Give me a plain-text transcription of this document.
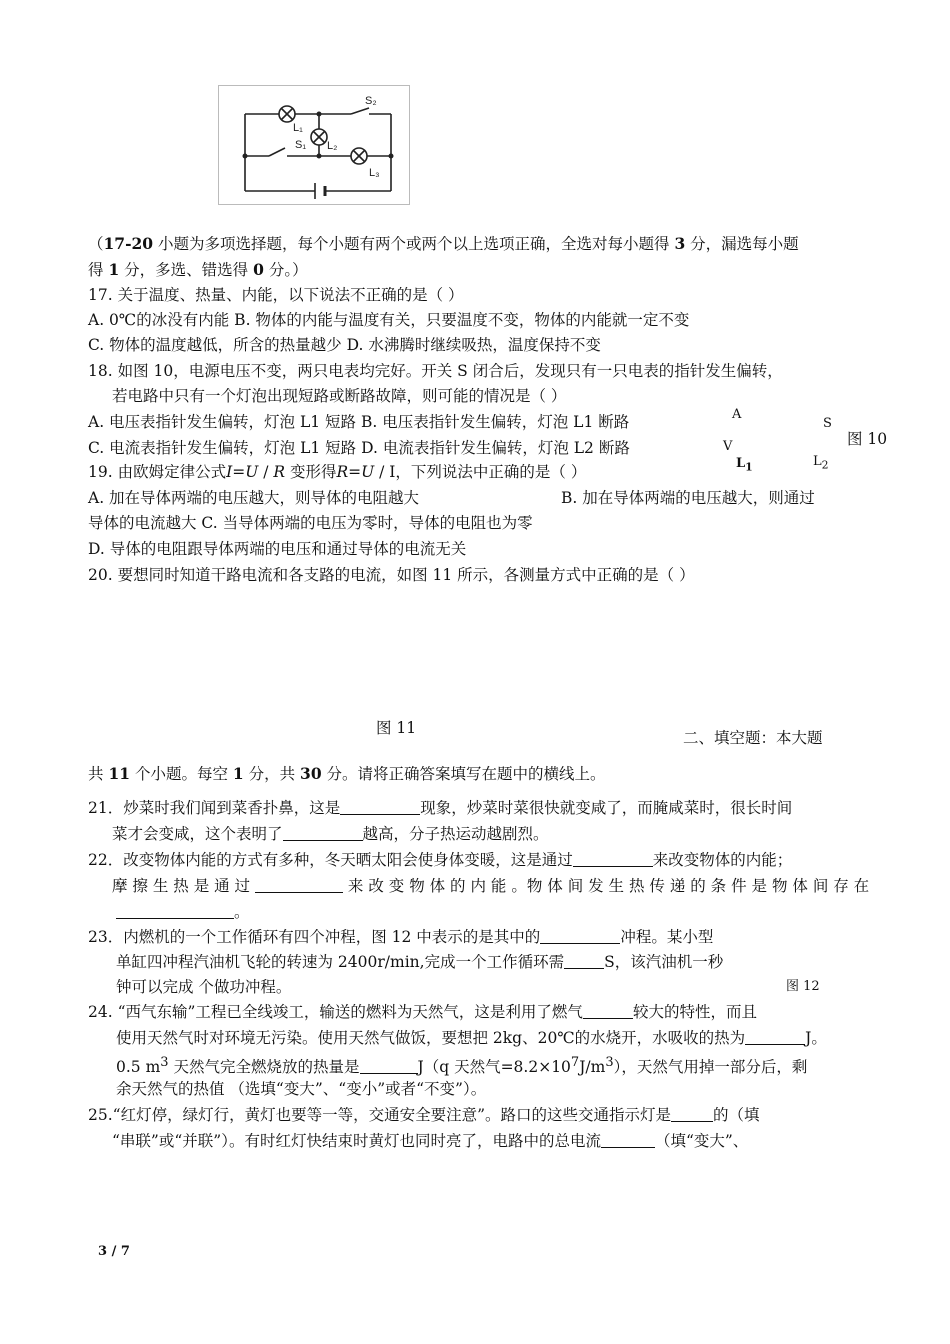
S₂
L₁
L₂
S₁
L₃
（17-20 小题为多项选择题，每个小题有两个或两个以上选项正确，全选对每小题得 3 分，漏选每小题
得 1 分，多选、错选得 0 分。）
17. 关于温度、热量、内能，以下说法不正确的是（ ）
A. 0℃的冰没有内能 B. 物体的内能与温度有关，只要温度不变，物体的内能就一定不变
C. 物体的温度越低，所含的热量越少 D. 水沸腾时继续吸热，温度保持不变
18. 如图 10，电源电压不变，两只电表均完好。开关 S 闭合后，发现只有一只电表的指针发生偏转，
若电路中只有一个灯泡出现短路或断路故障，则可能的情况是（ ）
A. 电压表指针发生偏转，灯泡 L1 短路 B. 电压表指针发生偏转，灯泡 L1 断路
C. 电流表指针发生偏转，灯泡 L1 短路 D. 电流表指针发生偏转，灯泡 L2 断路
A
S
图 10
V
$L_1$	$L_2$
19. 由欧姆定律公式I=U / R 变形得R=U / I，下列说法中正确的是（ ）
A. 加在导体两端的电压越大，则导体的电阻越大	B. 加在导体两端的电压越大，则通过
导体的电流越大 C. 当导体两端的电压为零时，导体的电阻也为零
D. 导体的电阻跟导体两端的电压和通过导体的电流无关
20. 要想同时知道干路电流和各支路的电流，如图 11 所示，各测量方式中正确的是（ ）
图 11
二、填空题：本大题
共 11 个小题。每空 1 分，共 30 分。请将正确答案填写在题中的横线上。
21．炒菜时我们闻到菜香扑鼻，这是	现象，炒菜时菜很快就变咸了，而腌咸菜时，很长时间
菜才会变咸，这个表明了	越高，分子热运动越剧烈。
22．改变物体内能的方式有多种，冬天晒太阳会使身体变暖，这是通过	来改变物体的内能；
摩 擦 生 热 是 通 过	来 改 变 物 体 的 内 能 。物 体 间 发 生 热 传 递 的 条 件 是 物 体 间 存 在
。
23．内燃机的一个工作循环有四个冲程，图 12 中表示的是其中的	冲程。某小型
单缸四冲程汽油机飞轮的转速为 2400r/min,完成一个工作循环需	S，该汽油机一秒
钟可以完成 个做功冲程。	图 12
24. “西气东输”工程已全线竣工，输送的燃料为天然气，这是利用了燃气	较大的特性，而且
使用天然气时对环境无污染。使用天然气做饭，要想把 2kg、20℃的水烧开，水吸收的热为	J。
0.5 $m^3$ 天然气完全燃烧放的热量是	J（q 天然气$=8.2\times 10^7J/m^3$），天然气用掉一部分后，剩
余天然气的热值 （选填“变大”、“变小”或者“不变”）。
25.“红灯停，绿灯行，黄灯也要等一等，交通安全要注意”。路口的这些交通指示灯是	的（填
“串联”或“并联”）。有时红灯快结束时黄灯也同时亮了，电路中的总电流	（填“变大”、
3 / 7
